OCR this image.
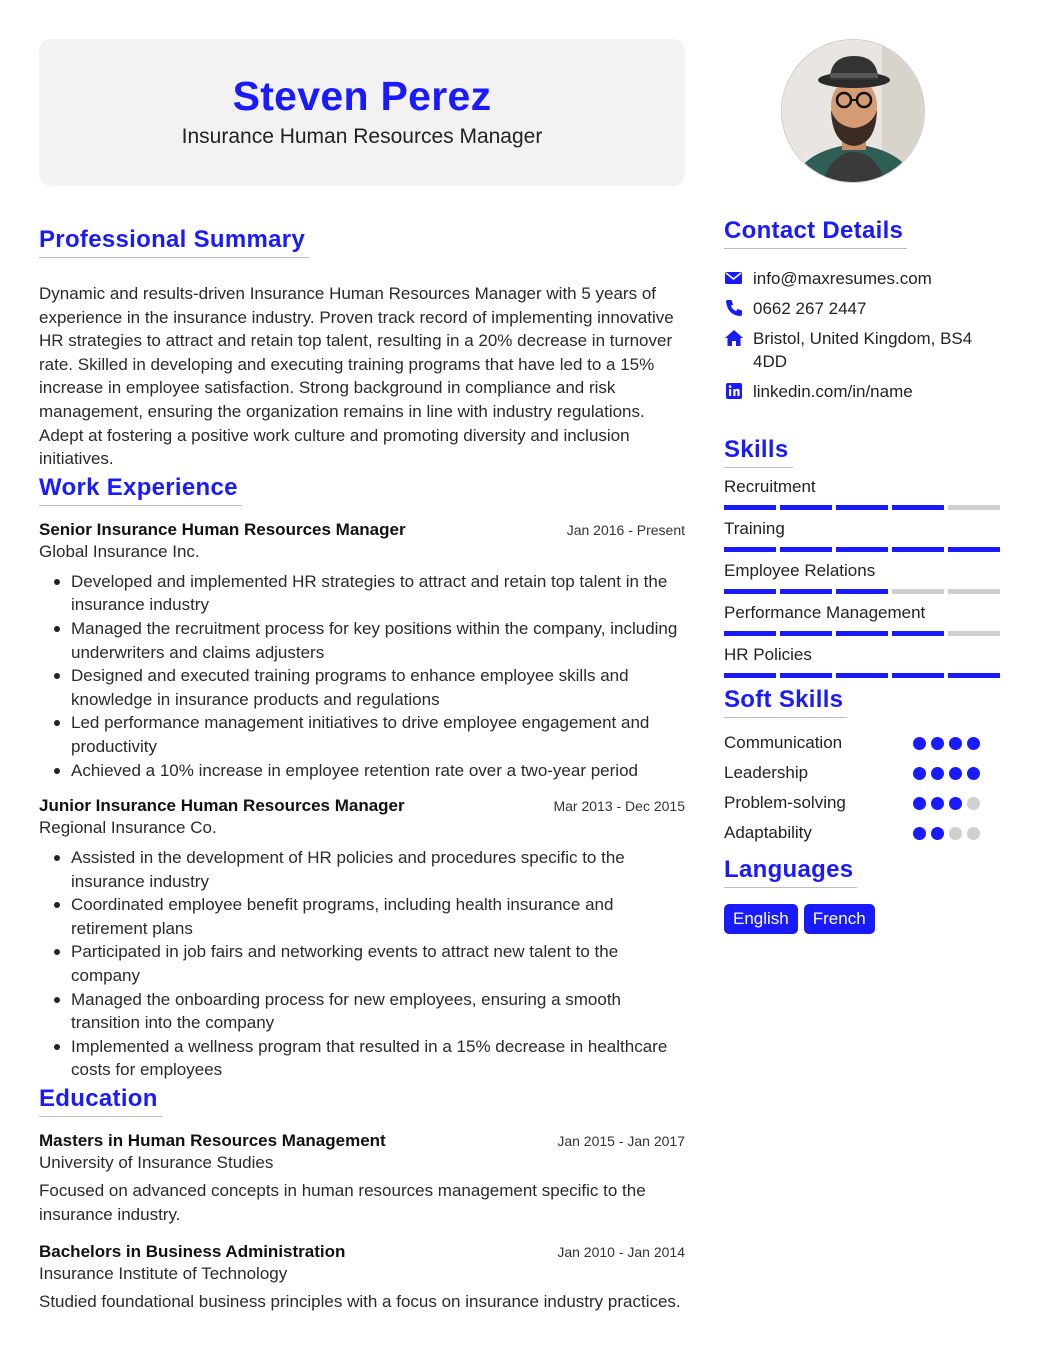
Steven Perez
Insurance Human Resources Manager
Professional Summary

Dynamic and results-driven Insurance Human Resources Manager with 5 years of experience in the insurance industry. Proven track record of implementing innovative HR strategies to attract and retain top talent, resulting in a 20% decrease in turnover rate. Skilled in developing and executing training programs that have led to a 15% increase in employee satisfaction. Strong background in compliance and risk management, ensuring the organization remains in line with industry regulations. Adept at fostering a positive work culture and promoting diversity and inclusion initiatives.

Work Experience
Senior Insurance Human Resources Manager	Jan 2016 - Present
Global Insurance Inc.
Developed and implemented HR strategies to attract and retain top talent in the insurance industry
Managed the recruitment process for key positions within the company, including underwriters and claims adjusters
Designed and executed training programs to enhance employee skills and knowledge in insurance products and regulations
Led performance management initiatives to drive employee engagement and productivity
Achieved a 10% increase in employee retention rate over a two-year period
Junior Insurance Human Resources Manager	Mar 2013 - Dec 2015
Regional Insurance Co.
Assisted in the development of HR policies and procedures specific to the insurance industry
Coordinated employee benefit programs, including health insurance and retirement plans
Participated in job fairs and networking events to attract new talent to the company
Managed the onboarding process for new employees, ensuring a smooth transition into the company
Implemented a wellness program that resulted in a 15% decrease in healthcare costs for employees
Education
Masters in Human Resources Management	Jan 2015 - Jan 2017
University of Insurance Studies

Focused on advanced concepts in human resources management specific to the insurance industry.

Bachelors in Business Administration	Jan 2010 - Jan 2014
Insurance Institute of Technology

Studied foundational business principles with a focus on insurance industry practices.

Contact Details
info@maxresumes.com
0662 267 2447
Bristol, United Kingdom, BS4 4DD
linkedin.com/in/name
Skills
Recruitment
Training
Employee Relations
Performance Management
HR Policies
Soft Skills
Communication
Leadership
Problem-solving
Adaptability
Languages
English	French
